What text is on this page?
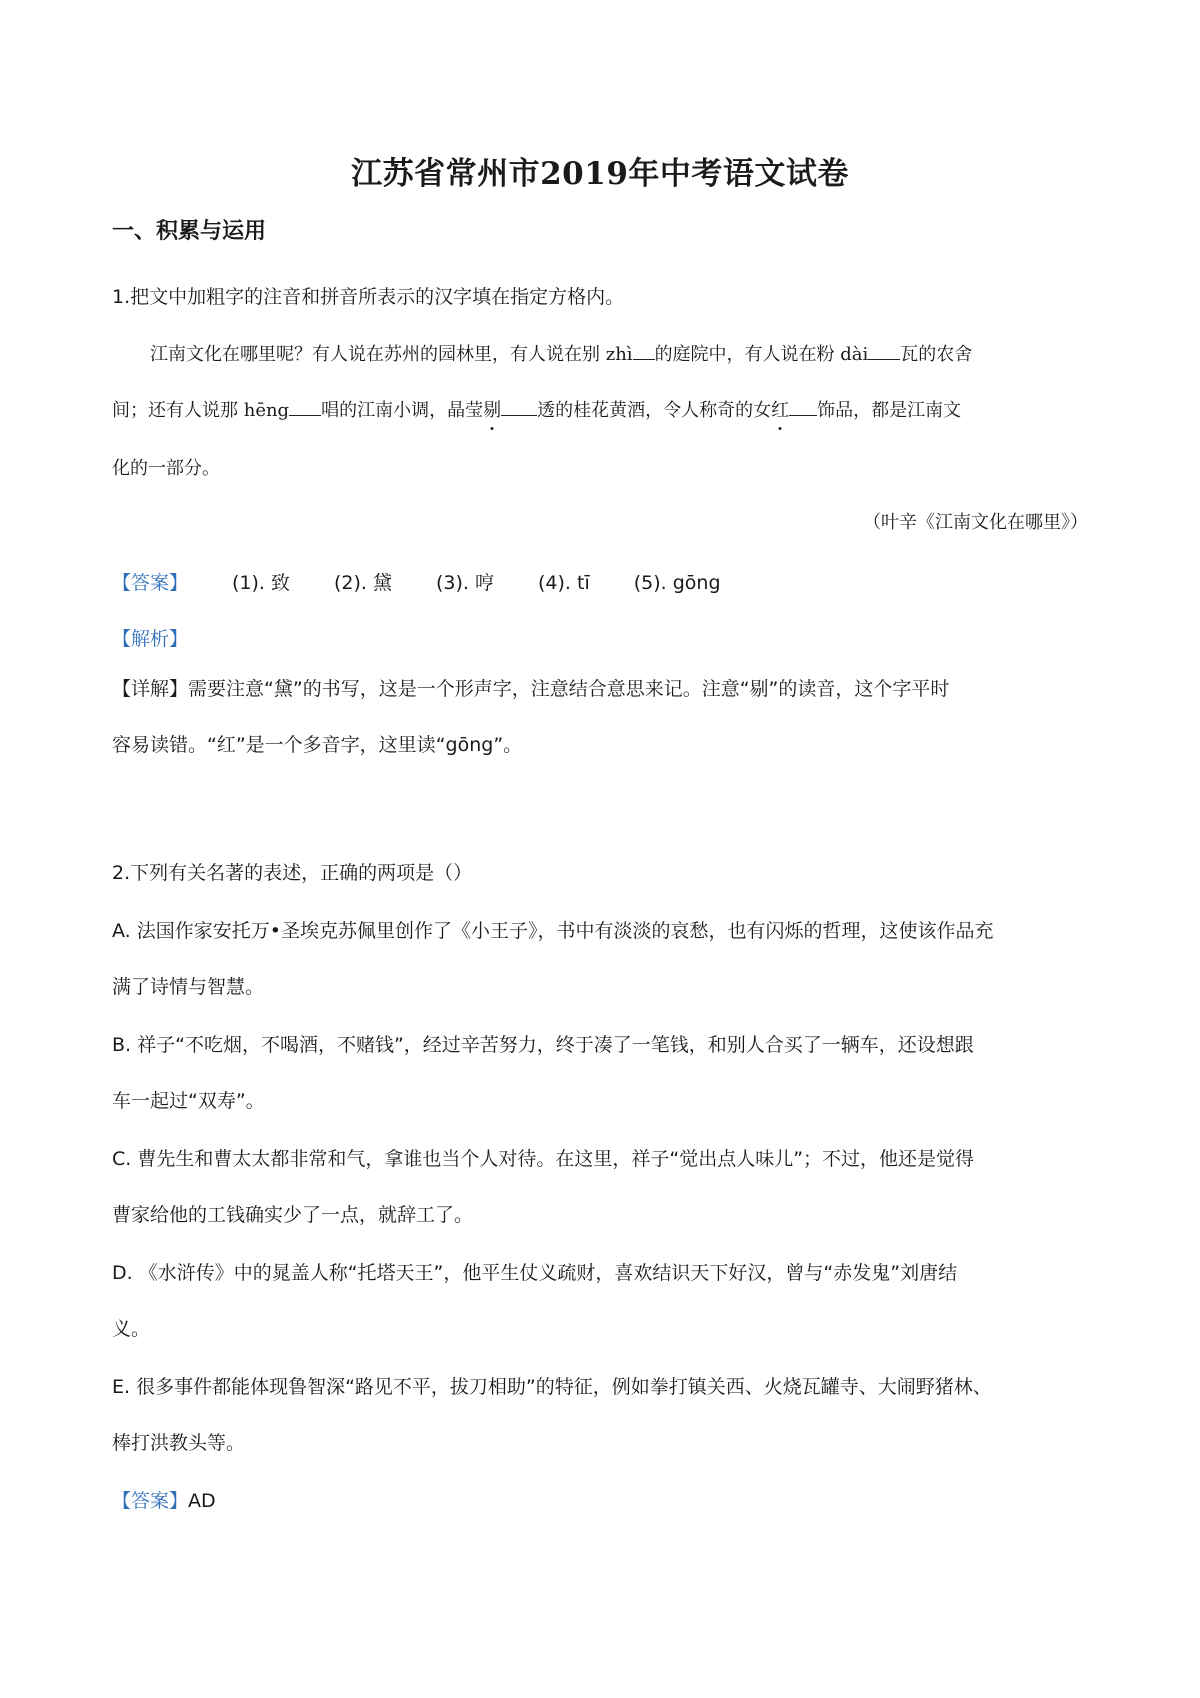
江苏省常州市2019年中考语文试卷
一、积累与运用
1.把文中加粗字的注音和拼音所表示的汉字填在指定方格内。
江南文化在哪里呢？有人说在苏州的园林里，有人说在别 zhì 的庭院中，有人说在粉 dài 瓦的农舍
间；还有人说那 hēng 唱的江南小调，晶莹剔 透的桂花黄酒，令人称奇的女红 饰品，都是江南文
化的一部分。
（叶辛《江南文化在哪里》）
【答案】 (1). 致 (2). 黛 (3). 哼 (4). tī (5). gōng
【解析】
【详解】需要注意“黛”的书写，这是一个形声字，注意结合意思来记。注意“剔”的读音，这个字平时
容易读错。“红”是一个多音字，这里读“gōng”。
2.下列有关名著的表述，正确的两项是（）
A. 法国作家安托万•圣埃克苏佩里创作了《小王子》，书中有淡淡的哀愁，也有闪烁的哲理，这使该作品充
满了诗情与智慧。
B. 祥子“不吃烟，不喝酒，不赌钱”，经过辛苦努力，终于凑了一笔钱，和别人合买了一辆车，还设想跟
车一起过“双寿”。
C. 曹先生和曹太太都非常和气，拿谁也当个人对待。在这里，祥子“觉出点人味儿”；不过，他还是觉得
曹家给他的工钱确实少了一点，就辞工了。
D. 《水浒传》中的晁盖人称“托塔天王”，他平生仗义疏财，喜欢结识天下好汉，曾与“赤发鬼”刘唐结
义。
E. 很多事件都能体现鲁智深“路见不平，拔刀相助”的特征，例如拳打镇关西、火烧瓦罐寺、大闹野猪林、
棒打洪教头等。
【答案】AD
